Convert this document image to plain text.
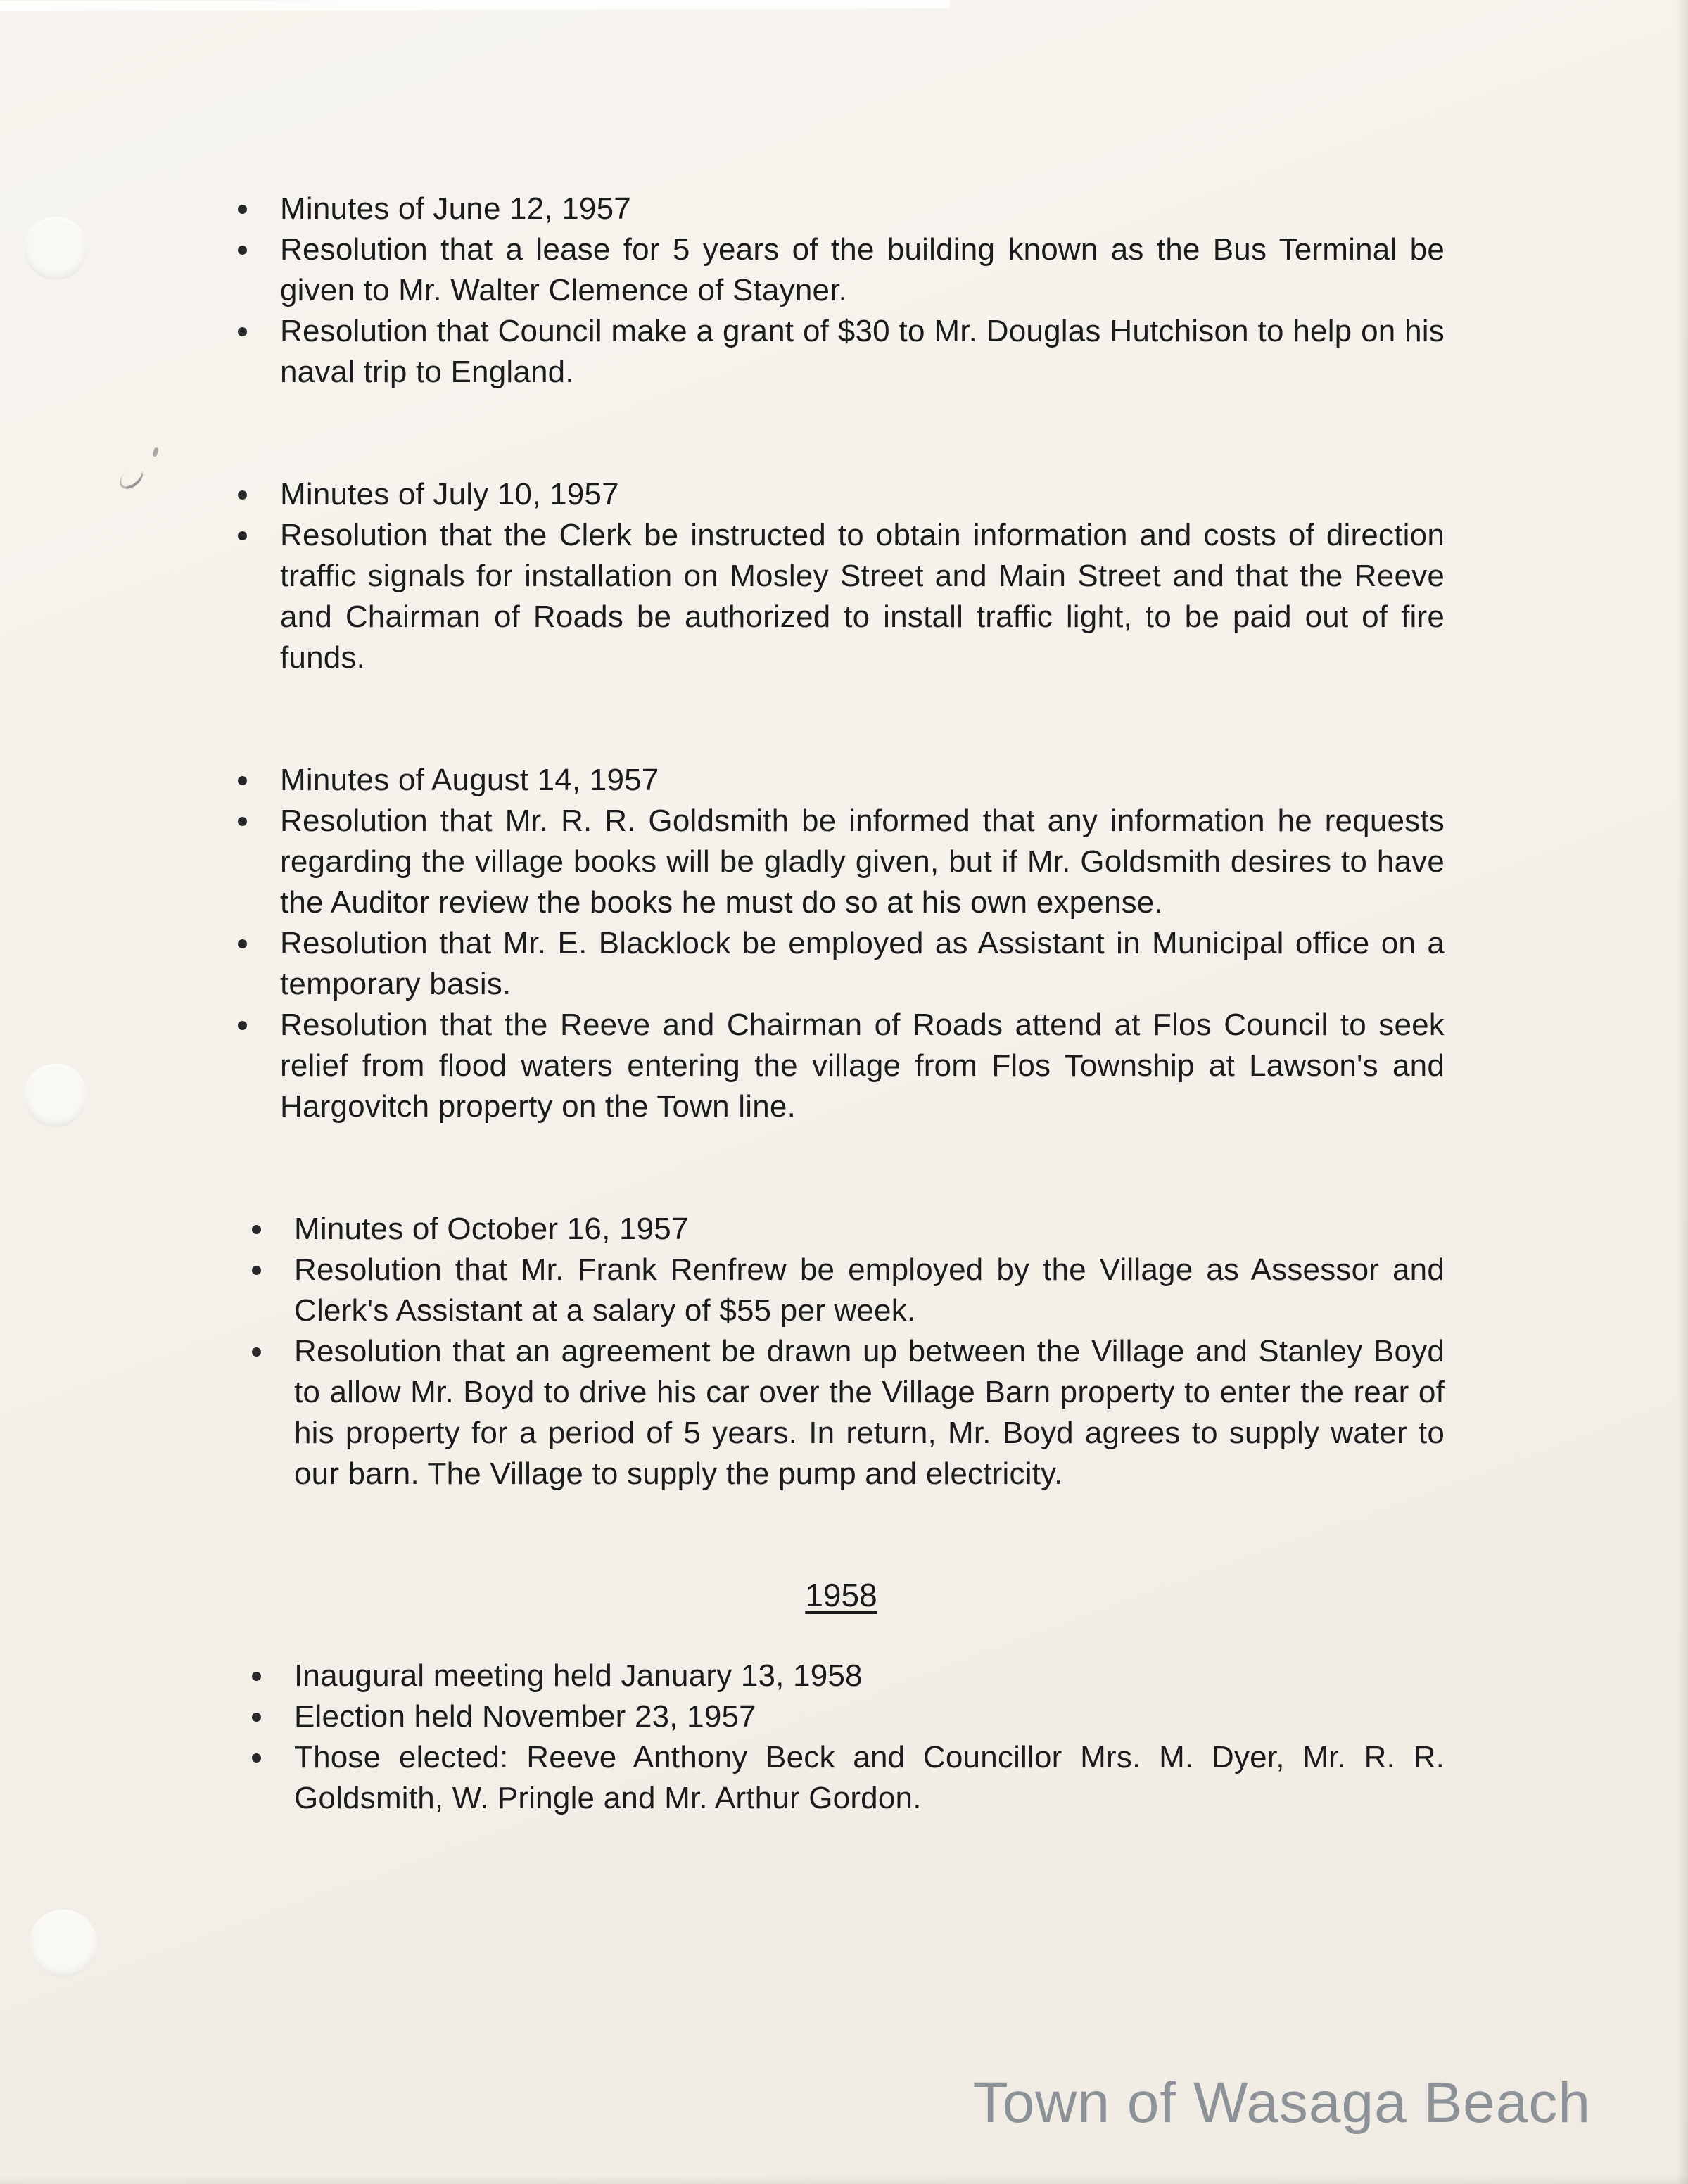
Minutes of June 12, 1957
Resolution that a lease for 5 years of the building known as the Bus Terminal be given to Mr. Walter Clemence of Stayner.
Resolution that Council make a grant of $30 to Mr. Douglas Hutchison to help on his naval trip to England.
Minutes of July 10, 1957
Resolution that the Clerk be instructed to obtain information and costs of direction traffic signals for installation on Mosley Street and Main Street and that the Reeve and Chairman of Roads be authorized to install traffic light, to be paid out of fire funds.
Minutes of August 14, 1957
Resolution that Mr. R. R. Goldsmith be informed that any information he requests regarding the village books will be gladly given, but if Mr. Goldsmith desires to have the Auditor review the books he must do so at his own expense.
Resolution that Mr. E. Blacklock be employed as Assistant in Municipal office on a temporary basis.
Resolution that the Reeve and Chairman of Roads attend at Flos Council to seek relief from flood waters entering the village from Flos Township at Lawson's and Hargovitch property on the Town line.
Minutes of October 16, 1957
Resolution that Mr. Frank Renfrew be employed by the Village as Assessor and Clerk's Assistant at a salary of $55 per week.
Resolution that an agreement be drawn up between the Village and Stanley Boyd to allow Mr. Boyd to drive his car over the Village Barn property to enter the rear of his property for a period of 5 years. In return, Mr. Boyd agrees to supply water to our barn. The Village to supply the pump and electricity.
1958
Inaugural meeting held January 13, 1958
Election held November 23, 1957
Those elected: Reeve Anthony Beck and Councillor Mrs. M. Dyer, Mr. R. R. Goldsmith, W. Pringle and Mr. Arthur Gordon.
Town of Wasaga Beach
